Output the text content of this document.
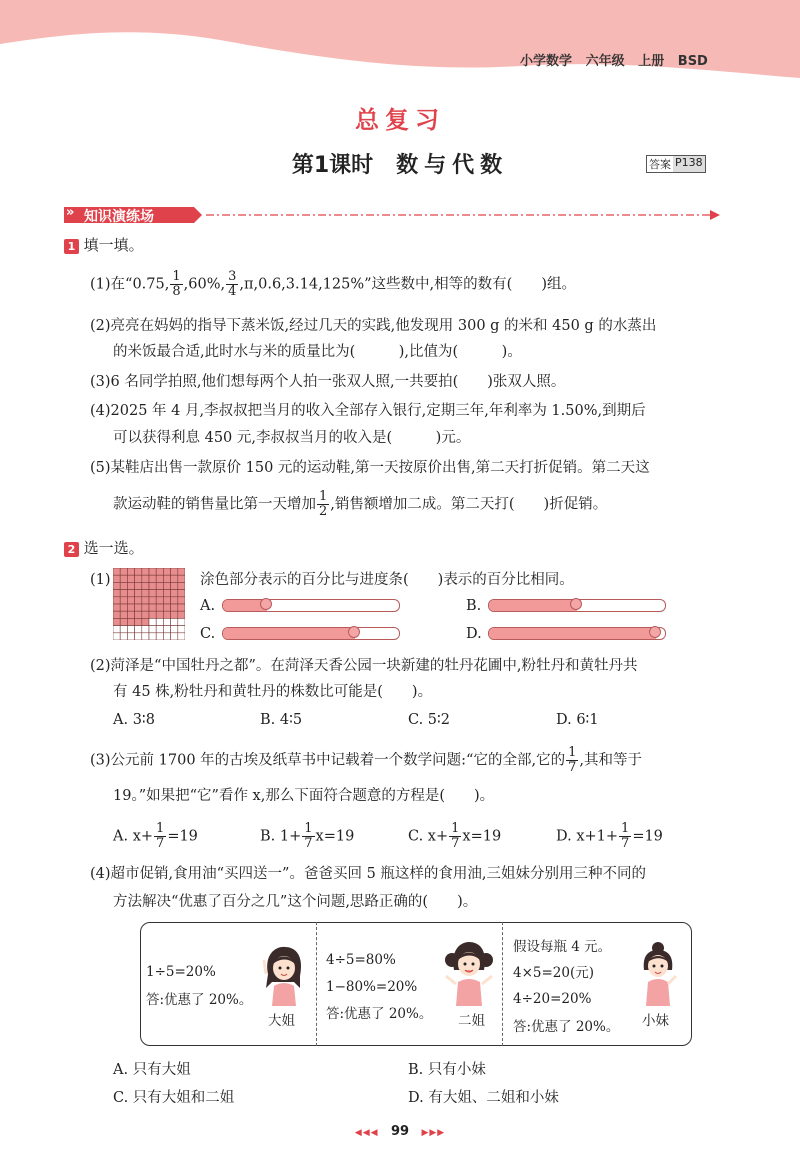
小学数学 六年级 上册 BSD
总复习
第1课时 数与代数	答案 P138
» 知识演练场
1 填一填。
(1)在“0.75, $\frac{1}{8} ,60\%$, $\frac{3}{4} ,\pi,0.6,3.14,125\%$”这些数中,相等的数有(　　)组。
(2)亮亮在妈妈的指导下蒸米饭,经过几天的实践,他发现用 300 g 的米和 450 g 的水蒸出
的米饭最合适,此时水与米的质量比为(　　　),比值为(　　　)。
(3)6 名同学拍照,他们想每两个人拍一张双人照,一共要拍(　　)张双人照。
(4)2025 年 4 月,李叔叔把当月的收入全部存入银行,定期三年,年利率为 1.50%,到期后
可以获得利息 450 元,李叔叔当月的收入是(　　　)元。
(5)某鞋店出售一款原价 150 元的运动鞋,第一天按原价出售,第二天打折促销。第二天这
款运动鞋的销售量比第一天增加 $\frac{1}{2}$ ,销售额增加二成。第二天打(　　)折促销。
2 选一选。
(1)	涂色部分表示的百分比与进度条(　　)表示的百分比相同。
A.	B.
C.	D.
(2)菏泽是“中国牡丹之都”。在菏泽天香公园一块新建的牡丹花圃中,粉牡丹和黄牡丹共
有 45 株,粉牡丹和黄牡丹的株数比可能是(　　)。
A. 3∶8	B. 4∶5	C. 5∶2	D. 6∶1
(3)公元前 1700 年的古埃及纸草书中记载着一个数学问题:“它的全部,它的 $\frac{1}{7}$ ,其和等于
19。”如果把“它”看作 x,那么下面符合题意的方程是(　　)。
A. $x+ \frac{1}{7} =19$	B. $1+ \frac{1}{7} x=19$	C. $x+ \frac{1}{7} x=19$	D. $x+1+ \frac{1}{7} =19$
(4)超市促销,食用油“买四送一”。爸爸买回 5 瓶这样的食用油,三姐妹分别用三种不同的
方法解决“优惠了百分之几”这个问题,思路正确的(　　)。
1÷5=20%
答:优惠了 20%。
大姐
4÷5=80%
1−80%=20%
答:优惠了 20%。 二姐
假设每瓶 4 元。
4×5=20(元)
4÷20=20%
答:优惠了 20%。 小妹
A. 只有大姐	B. 只有小妹
C. 只有大姐和二姐	D. 有大姐、二姐和小妹
◀◀◀ 99 ▶▶▶
